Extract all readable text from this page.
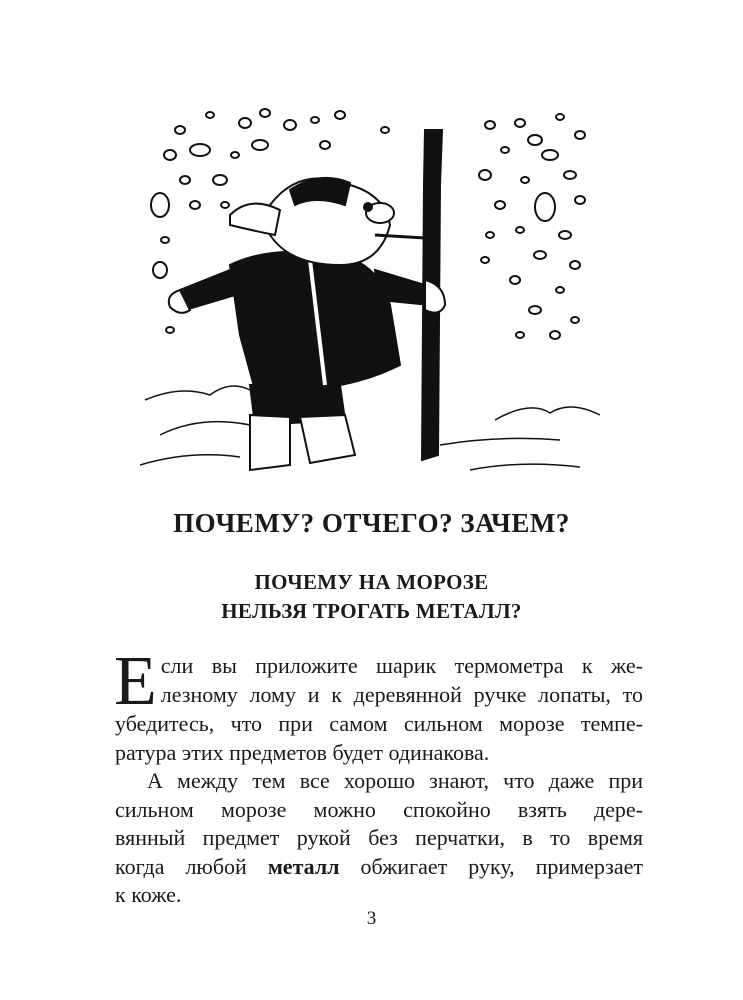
ПОЧЕМУ? ОТЧЕГО? ЗАЧЕМ?
ПОЧЕМУ НА МОРОЗЕ
НЕЛЬЗЯ ТРОГАТЬ МЕТАЛЛ?

Е сли вы приложите шарик термометра к же-
лезному лому и к деревянной ручке лопаты, то
убедитесь, что при самом сильном морозе темпе-
ратура этих предметов будет одинакова.

А между тем все хорошо знают, что даже при
сильном морозе можно спокойно взять дере-
вянный предмет рукой без перчатки, в то время
когда любой металл обжигает руку, примерзает
к коже.

3
